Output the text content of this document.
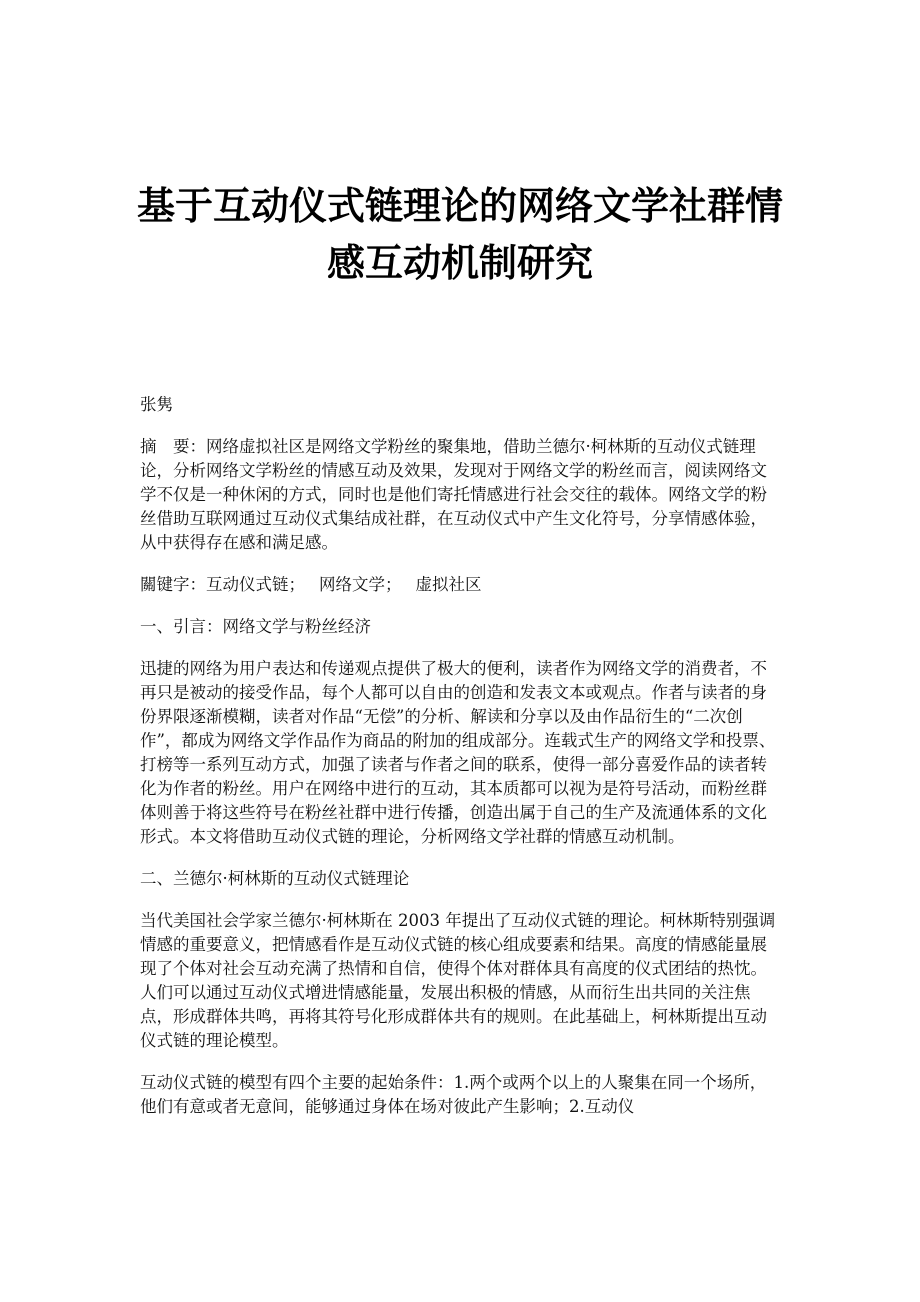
基于互动仪式链理论的网络文学社群情
感互动机制研究

张隽

摘　要：网络虚拟社区是网络文学粉丝的聚集地，借助兰德尔·柯林斯的互动仪式链理论，分析网络文学粉丝的情感互动及效果，发现对于网络文学的粉丝而言，阅读网络文学不仅是一种休闲的方式，同时也是他们寄托情感进行社会交往的载体。网络文学的粉丝借助互联网通过互动仪式集结成社群，在互动仪式中产生文化符号，分享情感体验，从中获得存在感和满足感。

關键字：互动仪式链； 网络文学； 虚拟社区

一、引言：网络文学与粉丝经济

迅捷的网络为用户表达和传递观点提供了极大的便利，读者作为网络文学的消费者，不再只是被动的接受作品，每个人都可以自由的创造和发表文本或观点。作者与读者的身份界限逐渐模糊，读者对作品“无偿”的分析、解读和分享以及由作品衍生的“二次创作”，都成为网络文学作品作为商品的附加的组成部分。连载式生产的网络文学和投票、打榜等一系列互动方式，加强了读者与作者之间的联系，使得一部分喜爱作品的读者转化为作者的粉丝。用户在网络中进行的互动，其本质都可以视为是符号活动，而粉丝群体则善于将这些符号在粉丝社群中进行传播，创造出属于自己的生产及流通体系的文化形式。本文将借助互动仪式链的理论，分析网络文学社群的情感互动机制。

二、兰德尔·柯林斯的互动仪式链理论

当代美国社会学家兰德尔·柯林斯在 2003 年提出了互动仪式链的理论。柯林斯特别强调情感的重要意义，把情感看作是互动仪式链的核心组成要素和结果。高度的情感能量展现了个体对社会互动充满了热情和自信，使得个体对群体具有高度的仪式团结的热忱。人们可以通过互动仪式增进情感能量，发展出积极的情感，从而衍生出共同的关注焦点，形成群体共鸣，再将其符号化形成群体共有的规则。在此基础上，柯林斯提出互动仪式链的理论模型。

互动仪式链的模型有四个主要的起始条件：1.两个或两个以上的人聚集在同一个场所，他们有意或者无意间，能够通过身体在场对彼此产生影响；2.互动仪
